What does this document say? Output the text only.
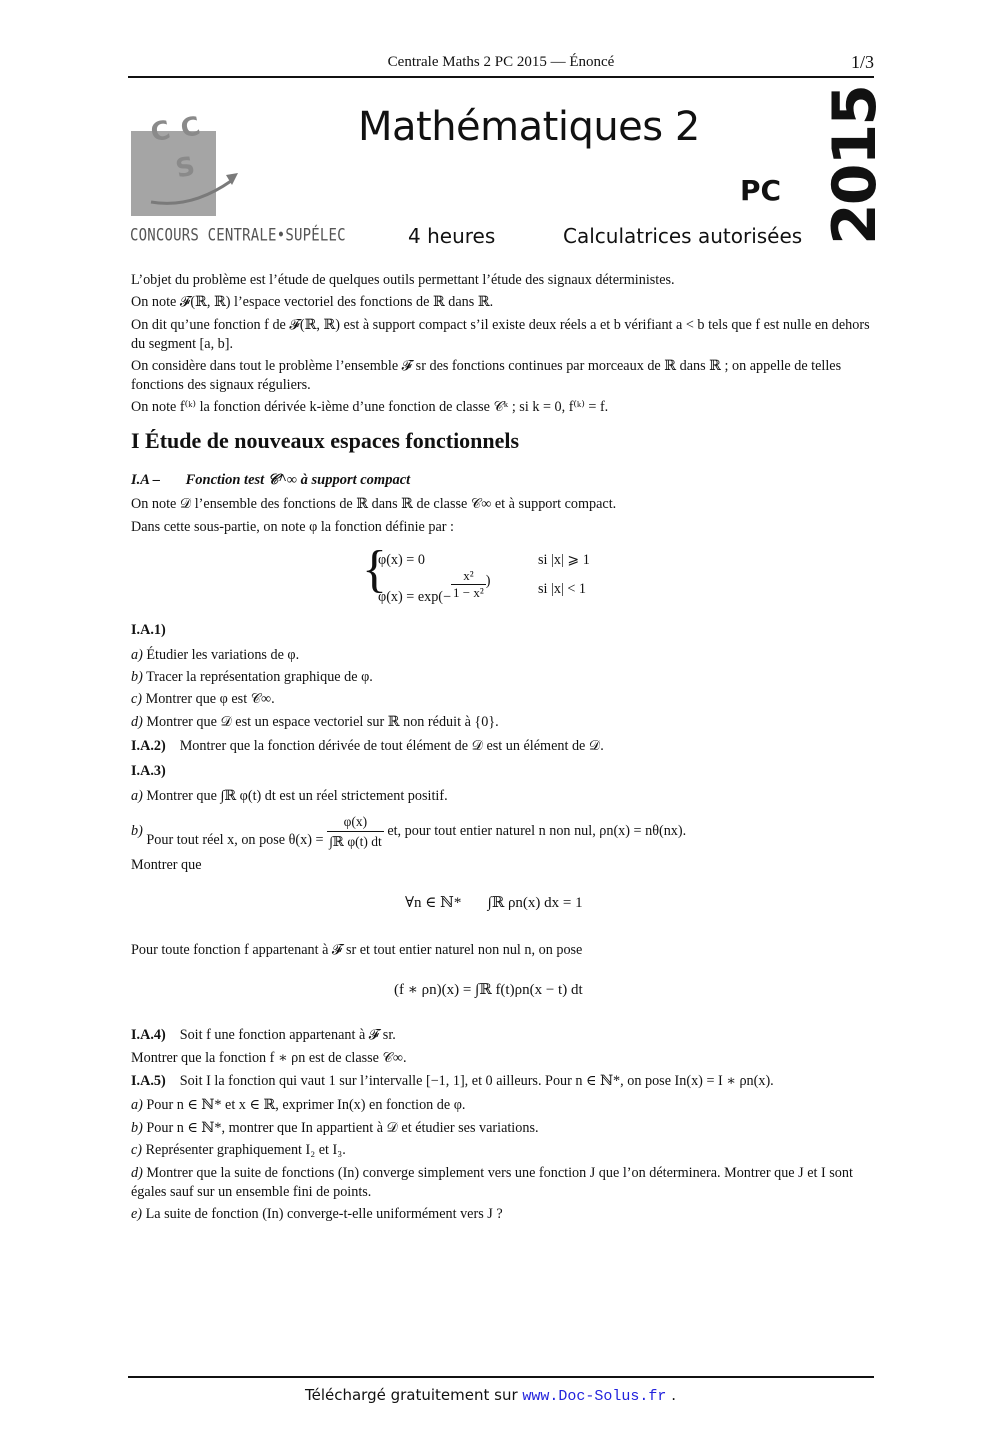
Centrale Maths 2 PC 2015 — Énoncé	1/3
C C
S
CONCOURS CENTRALE•SUPÉLEC
Mathématiques 2
PC
4 heures	Calculatrices autorisées 2015
L’objet du problème est l’étude de quelques outils permettant l’étude des signaux déterministes.
On note 𝓕(ℝ, ℝ) l’espace vectoriel des fonctions de ℝ dans ℝ.
On dit qu’une fonction f de 𝓕(ℝ, ℝ) est à support compact s’il existe deux réels a et b vérifiant a < b tels que f est nulle en dehors du segment [a, b].
On considère dans tout le problème l’ensemble 𝓕 sr des fonctions continues par morceaux de ℝ dans ℝ ; on appelle de telles fonctions des signaux réguliers.
On note f⁽ᵏ⁾ la fonction dérivée k-ième d’une fonction de classe 𝒞ᵏ ; si k = 0, f⁽ᵏ⁾ = f.
I Étude de nouveaux espaces fonctionnels
I.A – Fonction test 𝒞^∞ à support compact
On note 𝒟 l’ensemble des fonctions de ℝ dans ℝ de classe 𝒞∞ et à support compact.
Dans cette sous-partie, on note φ la fonction définie par :
{
φ(x) = 0	si |x| ⩾ 1
$\varphi(x) = \exp(- \frac{\text{x²}}{\text{1 − x²}}$ )
si |x| < 1
I.A.1)
a) Étudier les variations de φ.
b) Tracer la représentation graphique de φ.
c) Montrer que φ est 𝒞∞.
d) Montrer que 𝒟 est un espace vectoriel sur ℝ non réduit à {0}.
I.A.2) Montrer que la fonction dérivée de tout élément de 𝒟 est un élément de 𝒟.
I.A.3)
a) Montrer que ∫ℝ φ(t) dt est un réel strictement positif.
b) Pour tout réel x, on pose $\theta(x) = \frac{\varphi(x)}{\text{∫ℝ φ(t) dt}}$ et, pour tout entier naturel n non nul, ρn(x) = nθ(nx).
Montrer que
∀n ∈ ℕ*       ∫ℝ ρn(x) dx = 1
Pour toute fonction f appartenant à 𝓕 sr et tout entier naturel non nul n, on pose
(f ∗ ρn)(x) = ∫ℝ f(t)ρn(x − t) dt
I.A.4) Soit f une fonction appartenant à 𝓕 sr.
Montrer que la fonction f ∗ ρn est de classe 𝒞∞.
I.A.5) Soit I la fonction qui vaut 1 sur l’intervalle [−1, 1], et 0 ailleurs. Pour n ∈ ℕ*, on pose In(x) = I ∗ ρn(x).
a) Pour n ∈ ℕ* et x ∈ ℝ, exprimer In(x) en fonction de φ.
b) Pour n ∈ ℕ*, montrer que In appartient à 𝒟 et étudier ses variations.
c) Représenter graphiquement I₂ et I₃.
d) Montrer que la suite de fonctions (In) converge simplement vers une fonction J que l’on déterminera. Montrer que J et I sont égales sauf sur un ensemble fini de points.
e) La suite de fonction (In) converge-t-elle uniformément vers J ?
Téléchargé gratuitement sur www.Doc-Solus.fr .
